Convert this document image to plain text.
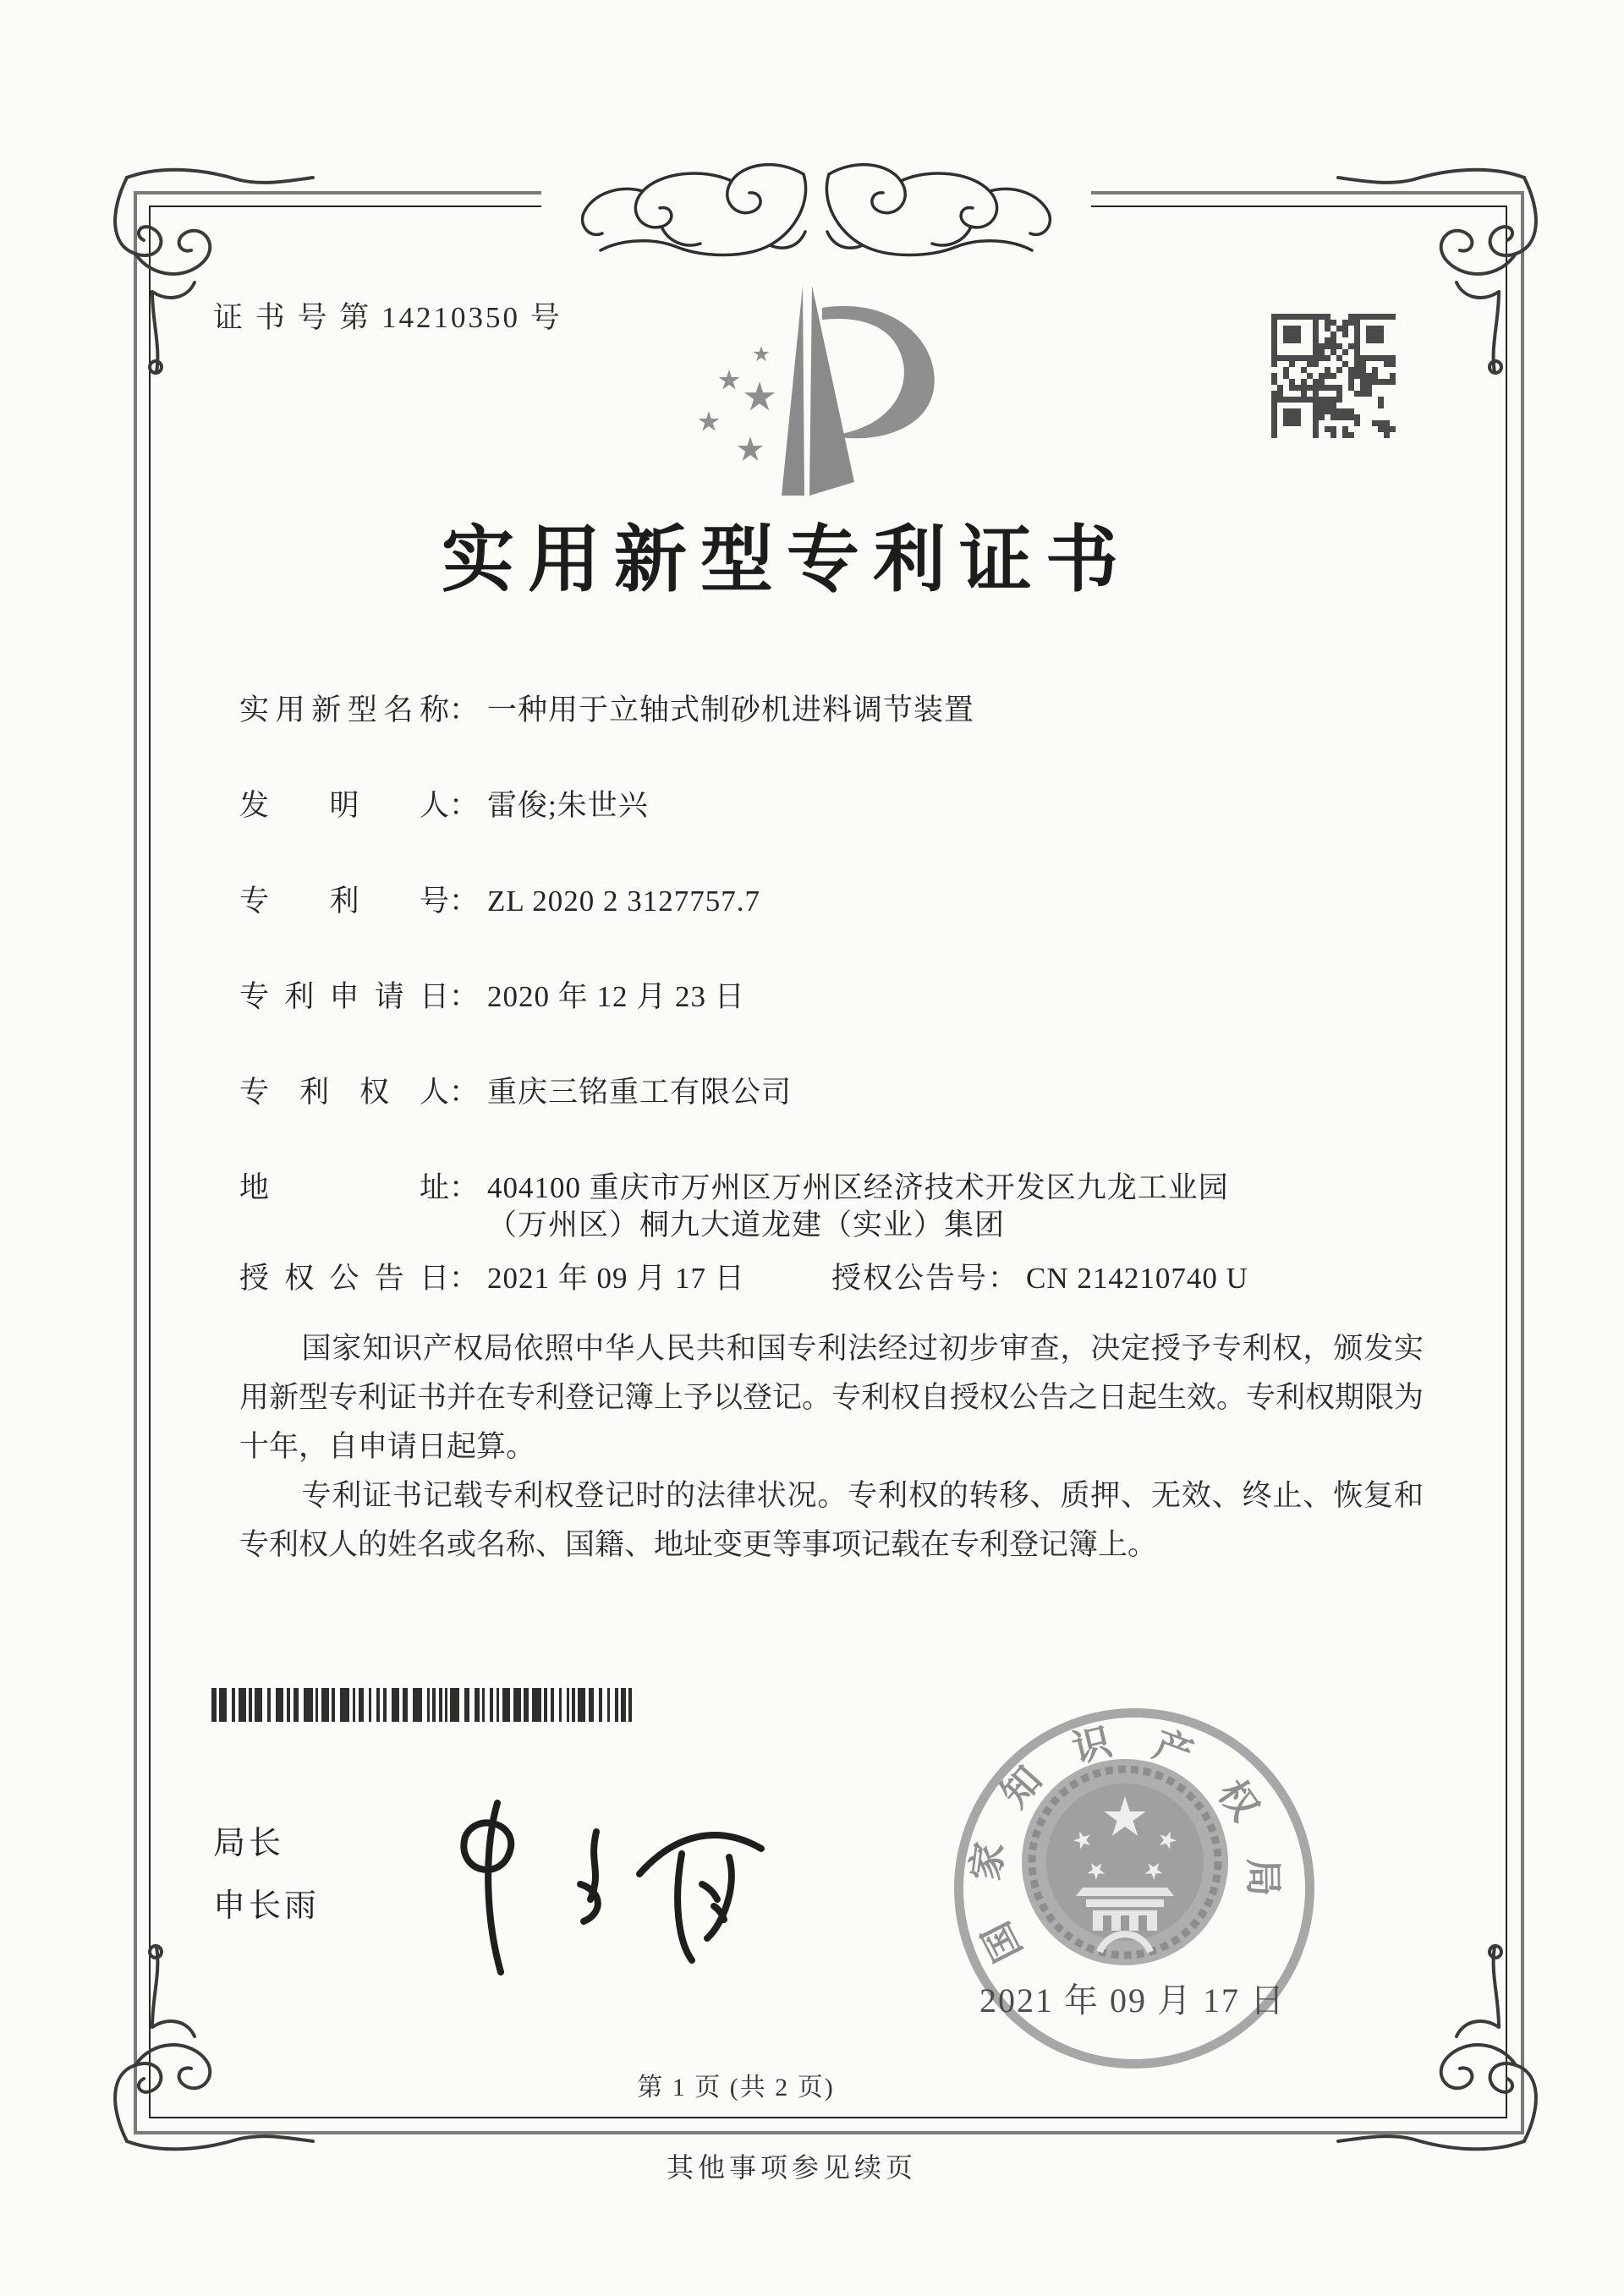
证 书 号 第 14210350 号
实用新型专利证书
实用新型名称 ： 一种用于立轴式制砂机进料调节装置
发明人 ： 雷俊;朱世兴
专利号 ： ZL 2020 2 3127757.7
专利申请日 ： 2020 年 12 月 23 日
专利权人 ： 重庆三铭重工有限公司
地址 ： 404100 重庆市万州区万州区经济技术开发区九龙工业园
（万州区）桐九大道龙建（实业）集团
授权公告日 ： 2021 年 09 月 17 日	授权公告号 ： CN 214210740 U

国家知识产权局依照中华人民共和国专利法经过初步审查，决定授予专利权，颁发实用新型专利证书并在专利登记簿上予以登记。专利权自授权公告之日起生效。专利权期限为十年，自申请日起算。

专利证书记载专利权登记时的法律状况。专利权的转移、质押、无效、终止、恢复和专利权人的姓名或名称、国籍、地址变更等事项记载在专利登记簿上。

局长
申长雨
国
家
知
识 产
权
局
2021 年 09 月 17 日
第 1 页 (共 2 页)
其他事项参见续页
